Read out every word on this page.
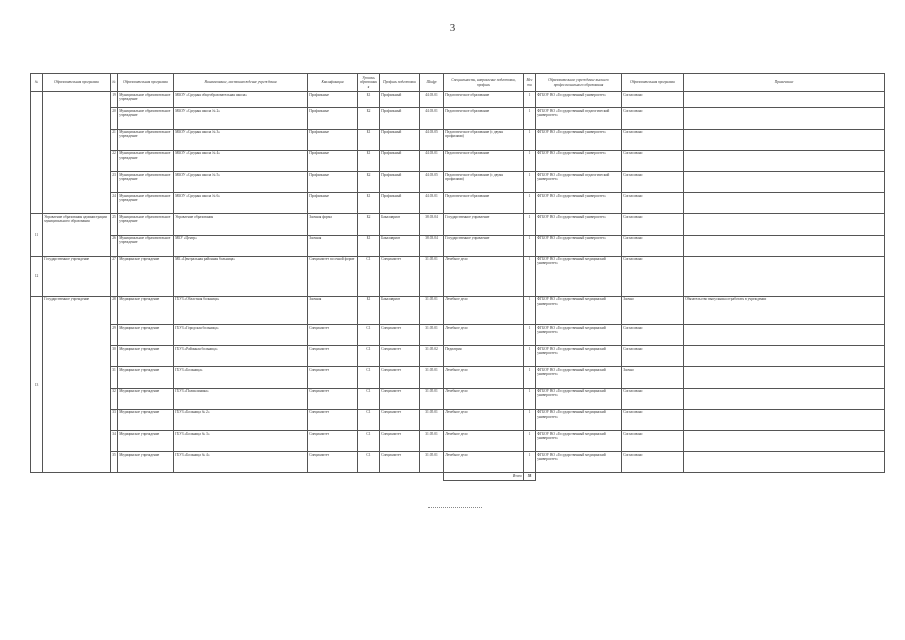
3
№	Образовательная программа	№	Образовательная программа	Наименование, местонахождение учреждения	Квалификация	Уровень образования	Профиль подготовки	Шифр	Специальность, направление подготовки, профиль	Места	Образовательное учреждение высшего профессионального образования	Образовательная программа	Примечание
		19	Муниципальное образовательное учреждение	МБОУ «Средняя общеобразовательная школа»	Профильные	Б1	Профильный	44.03.01	Педагогическое образование	1	ФГБОУ ВО «Государственный университет»	Согласовано	
		20	Муниципальное образовательное учреждение	МБОУ «Средняя школа № 2»	Профильные	Б2	Профильный	44.03.01	Педагогическое образование	1	ФГБОУ ВО «Государственный педагогический университет»	Согласовано	
		21	Муниципальное образовательное учреждение	МБОУ «Средняя школа № 3»	Профильные	Б1	Профильный	44.03.05	Педагогическое образование (с двумя профилями)	1	ФГБОУ ВО «Государственный университет»	Согласовано	
		22	Муниципальное образовательное учреждение	МБОУ «Средняя школа № 4»	Профильные	Б1	Профильный	44.03.01	Педагогическое образование	1	ФГБОУ ВО «Государственный университет»	Согласовано	
		23	Муниципальное образовательное учреждение	МБОУ «Средняя школа № 5»	Профильные	Б2	Профильный	44.03.05	Педагогическое образование (с двумя профилями)	1	ФГБОУ ВО «Государственный педагогический университет»	Согласовано	
		24	Муниципальное образовательное учреждение	МБОУ «Средняя школа № 6»	Профильные	Б1	Профильный	44.03.01	Педагогическое образование	1	ФГБОУ ВО «Государственный университет»	Согласовано	
11	Управление образования администрации муниципального образования	25	Муниципальное образовательное учреждение	Управление образования	Заочная форма	Б2	Бакалавриат	38.03.04	Государственное управление	1	ФГБОУ ВО «Государственный университет»	Согласовано	
		26	Муниципальное образовательное учреждение	МБУ «Центр»	Заочная	Б1	Бакалавриат	38.03.04	Государственное управление	1	ФГБОУ ВО «Государственный университет»	Согласовано	
12	Государственное учреждение	27	Медицинское учреждение	МБ «Центральная районная больница»	Специалитет по очной форме	С1	Специалитет	31.05.01	Лечебное дело	1	ФГБОУ ВО «Государственный медицинский университет»	Согласовано	
13	Государственное учреждение	28	Медицинское учреждение	ГБУЗ «Областная больница»	Заочная	Б1	Бакалавриат	31.05.01	Лечебное дело	1	ФГБОУ ВО «Государственный медицинский университет»	Заочно	Обязательство выпускника отработать в учреждении
		29	Медицинское учреждение	ГБУЗ «Городская больница»	Специалитет	С1	Специалитет	31.05.01	Лечебное дело	1	ФГБОУ ВО «Государственный медицинский университет»	Согласовано	
		30	Медицинское учреждение	ГБУЗ «Районная больница»	Специалитет	С1	Специалитет	31.05.02	Педиатрия	1	ФГБОУ ВО «Государственный медицинский университет»	Согласовано	
		31	Медицинское учреждение	ГБУЗ «Больница»	Специалитет	С1	Специалитет	31.05.01	Лечебное дело	1	ФГБОУ ВО «Государственный медицинский университет»	Заочно	
		32	Медицинское учреждение	ГБУЗ «Поликлиника»	Специалитет	С1	Специалитет	31.05.01	Лечебное дело	1	ФГБОУ ВО «Государственный медицинский университет»	Согласовано	
		33	Медицинское учреждение	ГБУЗ «Больница № 2»	Специалитет	С1	Специалитет	31.05.01	Лечебное дело	1	ФГБОУ ВО «Государственный медицинский университет»	Согласовано	
		34	Медицинское учреждение	ГБУЗ «Больница № 3»	Специалитет	С1	Специалитет	31.05.01	Лечебное дело	1	ФГБОУ ВО «Государственный медицинский университет»	Согласовано	
		35	Медицинское учреждение	ГБУЗ «Больница № 4»	Специалитет	С1	Специалитет	31.05.01	Лечебное дело	1	ФГБОУ ВО «Государственный медицинский университет»	Согласовано	
									Итого	58			
